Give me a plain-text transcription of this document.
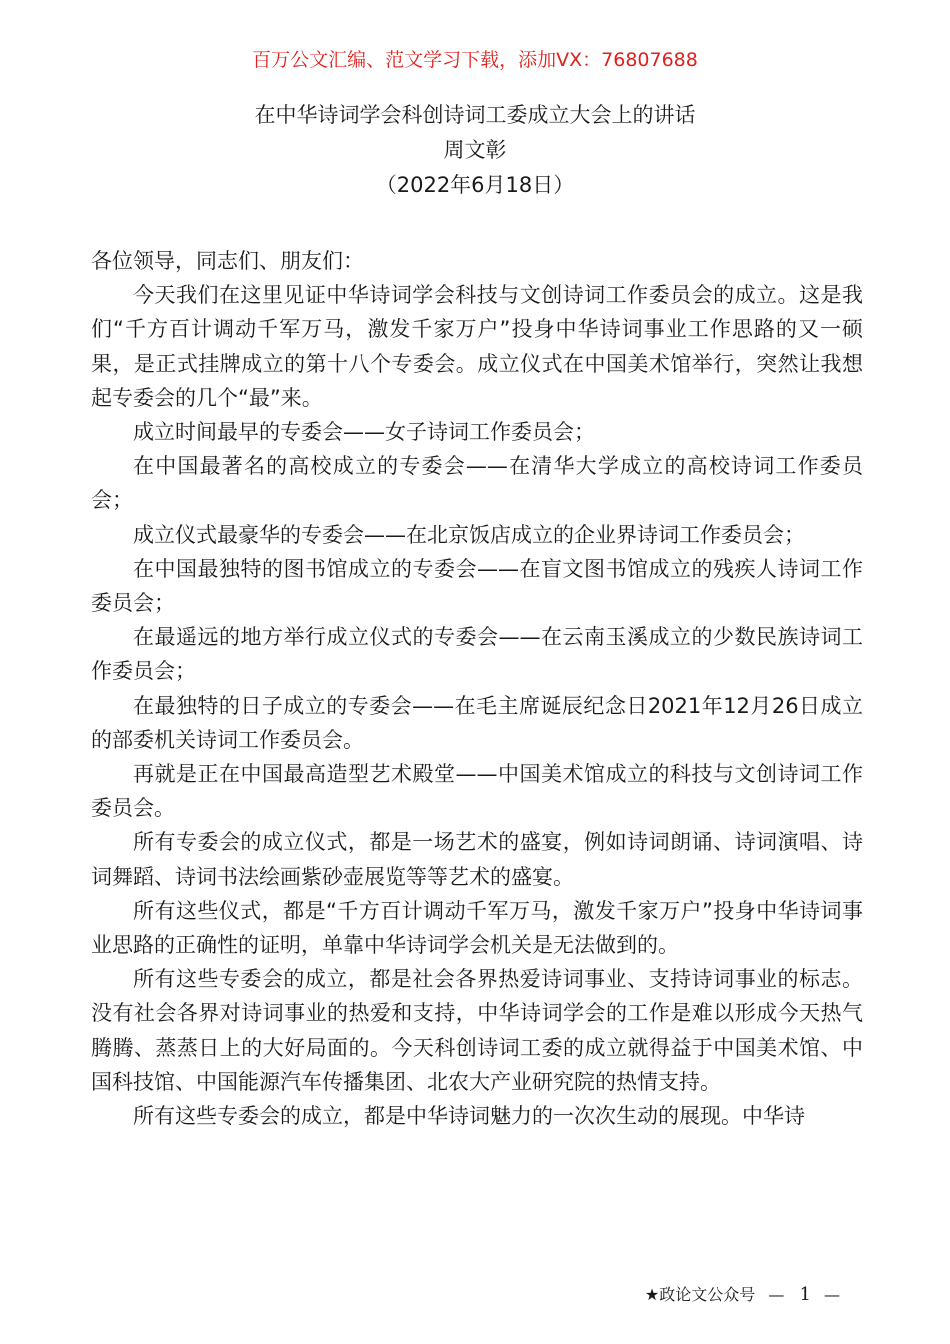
百万公文汇编、范文学习下载，添加VX：76807688
在中华诗词学会科创诗词工委成立大会上的讲话
周文彰
（2022年6月18日）

各位领导，同志们、朋友们：

今天我们在这里见证中华诗词学会科技与文创诗词工作委员会的成立。这是我们“千方百计调动千军万马，激发千家万户”投身中华诗词事业工作思路的又一硕果，是正式挂牌成立的第十八个专委会。成立仪式在中国美术馆举行，突然让我想起专委会的几个“最”来。

成立时间最早的专委会——女子诗词工作委员会；

在中国最著名的高校成立的专委会——在清华大学成立的高校诗词工作委员会；

成立仪式最豪华的专委会——在北京饭店成立的企业界诗词工作委员会；

在中国最独特的图书馆成立的专委会——在盲文图书馆成立的残疾人诗词工作委员会；

在最遥远的地方举行成立仪式的专委会——在云南玉溪成立的少数民族诗词工作委员会；

在最独特的日子成立的专委会——在毛主席诞辰纪念日2021年12月26日成立的部委机关诗词工作委员会。

再就是正在中国最高造型艺术殿堂——中国美术馆成立的科技与文创诗词工作委员会。

所有专委会的成立仪式，都是一场艺术的盛宴，例如诗词朗诵、诗词演唱、诗词舞蹈、诗词书法绘画紫砂壶展览等等艺术的盛宴。

所有这些仪式，都是“千方百计调动千军万马，激发千家万户”投身中华诗词事业思路的正确性的证明，单靠中华诗词学会机关是无法做到的。

所有这些专委会的成立，都是社会各界热爱诗词事业、支持诗词事业的标志。没有社会各界对诗词事业的热爱和支持，中华诗词学会的工作是难以形成今天热气腾腾、蒸蒸日上的大好局面的。今天科创诗词工委的成立就得益于中国美术馆、中国科技馆、中国能源汽车传播集团、北农大产业研究院的热情支持。

所有这些专委会的成立，都是中华诗词魅力的一次次生动的展现。中华诗

★政论文公众号 — 1 —
